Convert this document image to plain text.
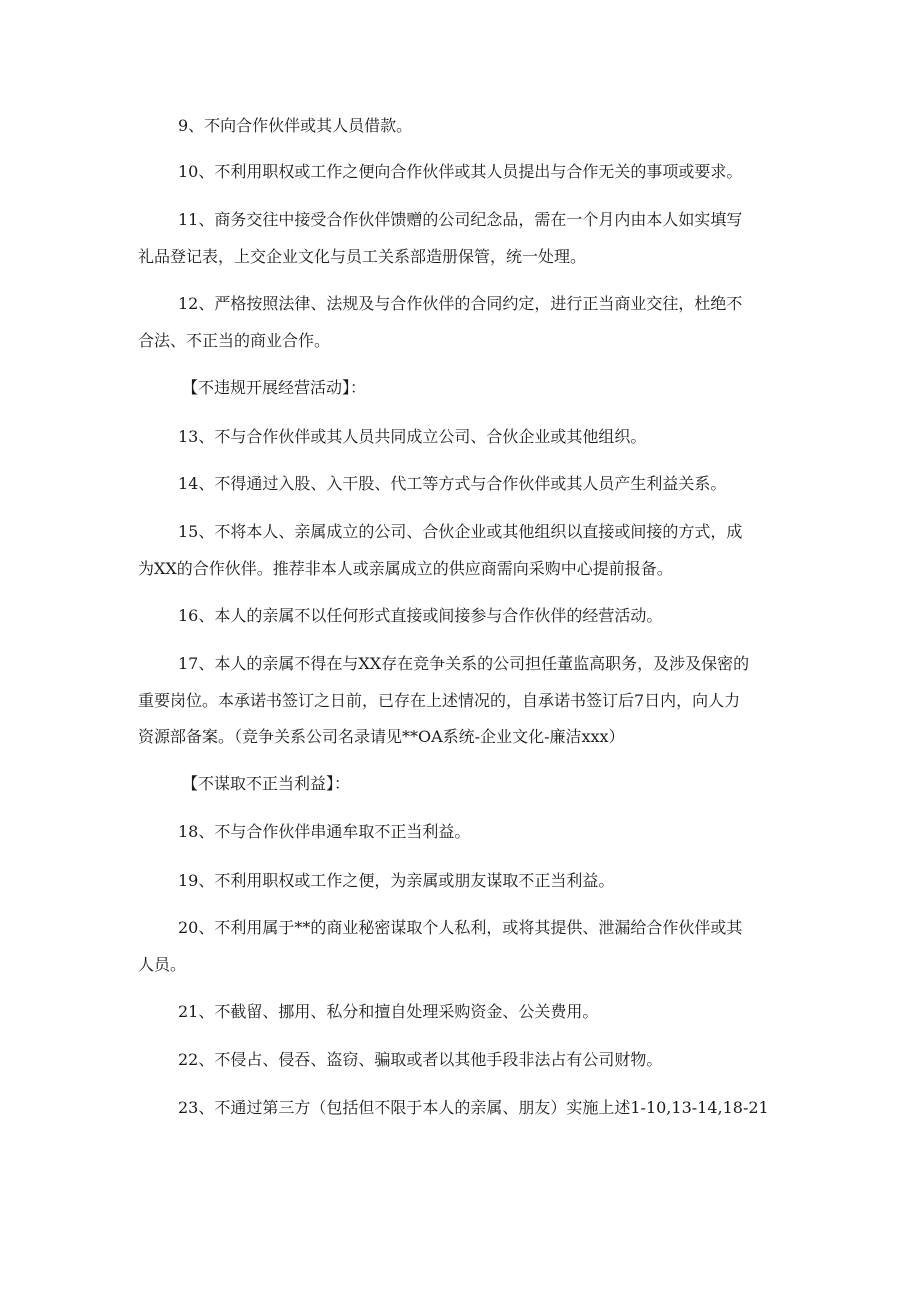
9、不向合作伙伴或其人员借款。
10、不利用职权或工作之便向合作伙伴或其人员提出与合作无关的事项或要求。
11、商务交往中接受合作伙伴馈赠的公司纪念品，需在一个月内由本人如实填写
礼品登记表，上交企业文化与员工关系部造册保管，统一处理。
12、严格按照法律、法规及与合作伙伴的合同约定，进行正当商业交往，杜绝不
合法、不正当的商业合作。
【不违规开展经营活动】：
13、不与合作伙伴或其人员共同成立公司、合伙企业或其他组织。
14、不得通过入股、入干股、代工等方式与合作伙伴或其人员产生利益关系。
15、不将本人、亲属成立的公司、合伙企业或其他组织以直接或间接的方式，成
为XX的合作伙伴。推荐非本人或亲属成立的供应商需向采购中心提前报备。
16、本人的亲属不以任何形式直接或间接参与合作伙伴的经营活动。
17、本人的亲属不得在与XX存在竞争关系的公司担任董监高职务，及涉及保密的
重要岗位。本承诺书签订之日前，已存在上述情况的，自承诺书签订后7日内，向人力
资源部备案。（竞争关系公司名录请见**OA系统-企业文化-廉洁xxx）
【不谋取不正当利益】：
18、不与合作伙伴串通牟取不正当利益。
19、不利用职权或工作之便，为亲属或朋友谋取不正当利益。
20、不利用属于**的商业秘密谋取个人私利，或将其提供、泄漏给合作伙伴或其
人员。
21、不截留、挪用、私分和擅自处理采购资金、公关费用。
22、不侵占、侵吞、盗窃、骗取或者以其他手段非法占有公司财物。
23、不通过第三方（包括但不限于本人的亲属、朋友）实施上述1-10,13-14,18-21
